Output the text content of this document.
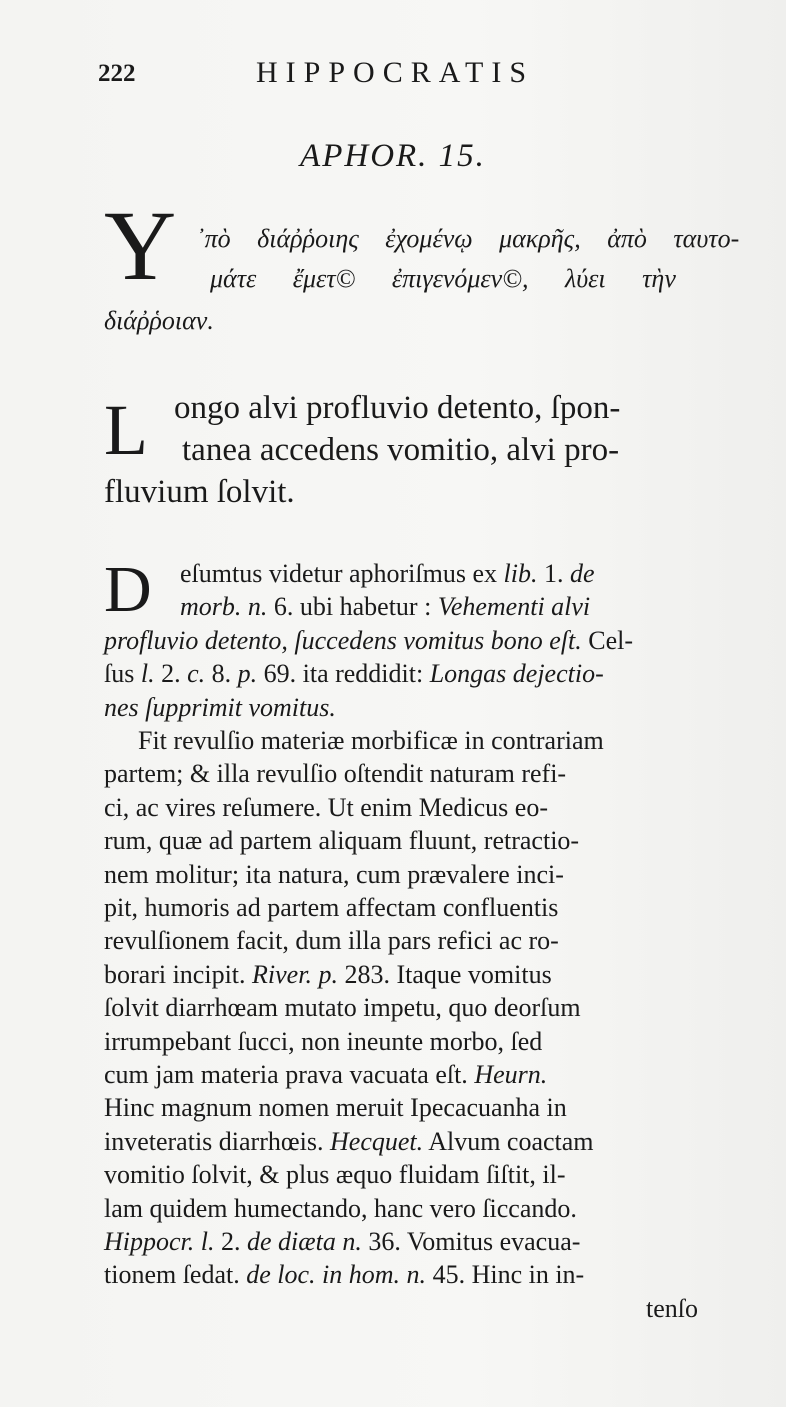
222	HIPPOCRATIS
APHOR. 15.
Υ ᾿πὸ διάῤῥοιης ἐχομένῳ μακρῆς, ἀπὸ ταυτο-
μάτε ἔμετ© ἐπιγενόμεν©, λύει τὴν
διάῤῥοιαν.
L ongo alvi profluvio detento, ſpon-
tanea accedens vomitio, alvi pro-
fluvium ſolvit.
D eſumtus videtur aphoriſmus ex lib. 1. de
morb. n. 6. ubi habetur : Vehementi alvi
profluvio detento, ſuccedens vomitus bono eſt. Cel-
ſus l. 2. c. 8. p. 69. ita reddidit: Longas dejectio-
nes ſupprimit vomitus.
Fit revulſio materiæ morbificæ in contrariam
partem; & illa revulſio oſtendit naturam refi-
ci, ac vires reſumere. Ut enim Medicus eo-
rum, quæ ad partem aliquam fluunt, retractio-
nem molitur; ita natura, cum prævalere inci-
pit, humoris ad partem affectam confluentis
revulſionem facit, dum illa pars refici ac ro-
borari incipit. River. p. 283. Itaque vomitus
ſolvit diarrhœam mutato impetu, quo deorſum
irrumpebant ſucci, non ineunte morbo, ſed
cum jam materia prava vacuata eſt. Heurn.
Hinc magnum nomen meruit Ipecacuanha in
inveteratis diarrhœis. Hecquet. Alvum coactam
vomitio ſolvit, & plus æquo fluidam ſiſtit, il-
lam quidem humectando, hanc vero ſiccando.
Hippocr. l. 2. de diæta n. 36. Vomitus evacua-
tionem ſedat. de loc. in hom. n. 45. Hinc in in-
tenſo
